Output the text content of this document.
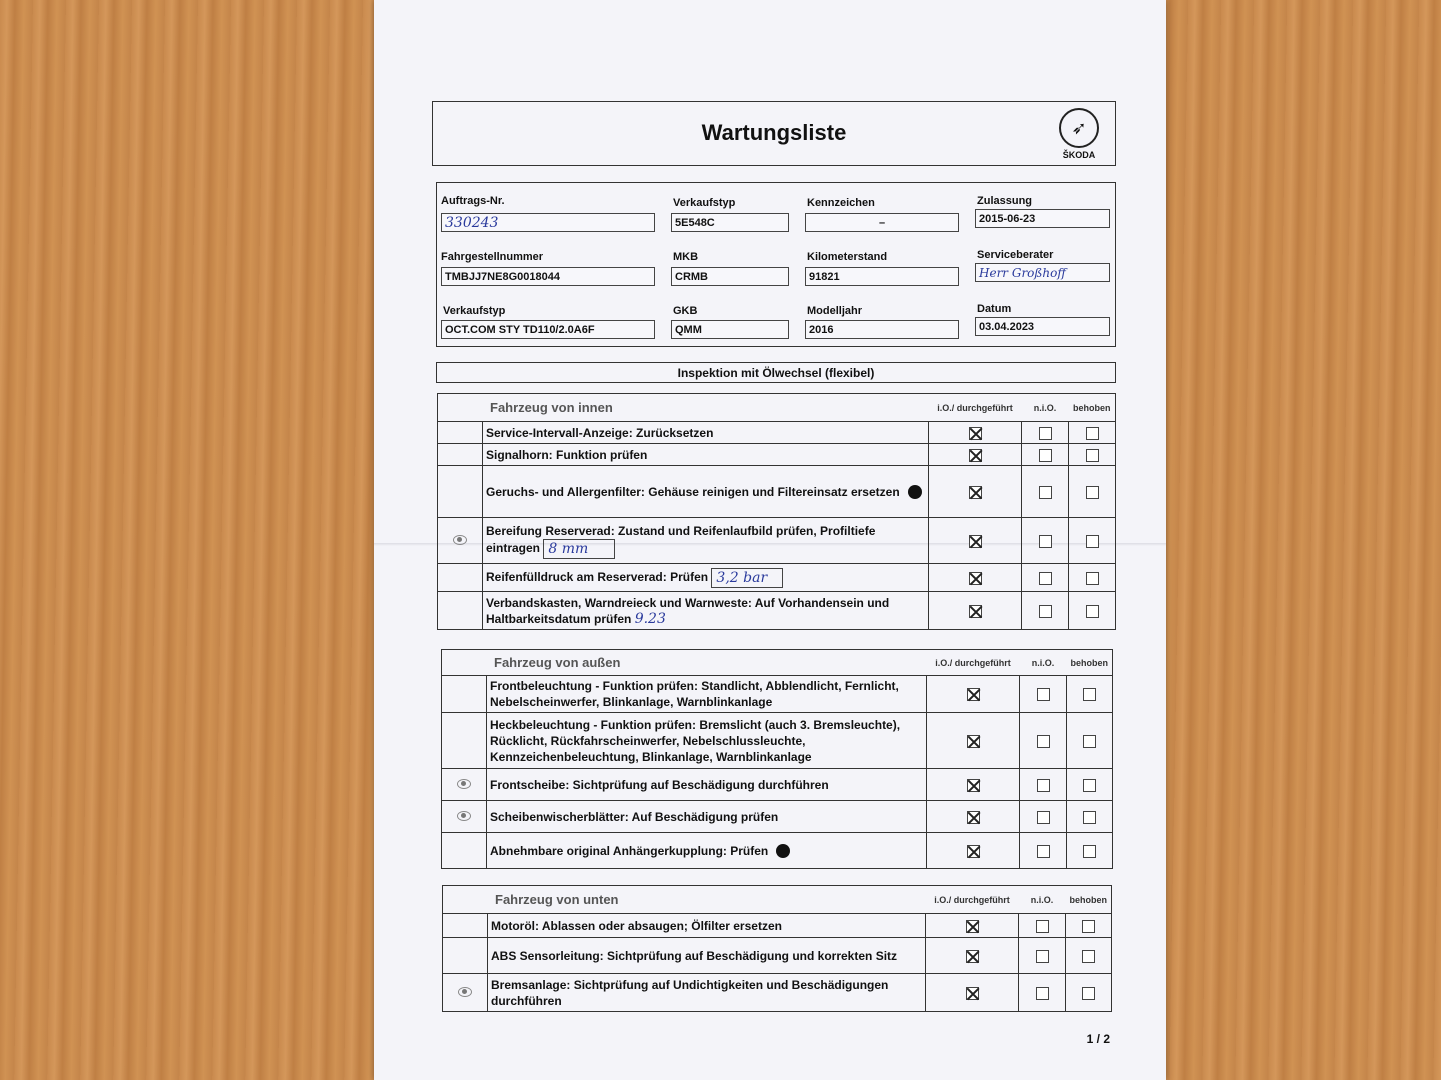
Wartungsliste	➶
ŠKODA
Auftrags-Nr.
330243
Verkaufstyp
5E548C
Kennzeichen
–
Zulassung
2015-06-23
Fahrgestellnummer
TMBJJ7NE8G0018044
MKB
CRMB
Kilometerstand
91821
Serviceberater
Herr Großhoff
Verkaufstyp
OCT.COM STY TD110/2.0A6F
GKB
QMM
Modelljahr
2016
Datum
03.04.2023
Inspektion mit Ölwechsel (flexibel)
Fahrzeug von innen		i.O./ durchgeführt	n.i.O.	behoben
	Service-Intervall-Anzeige: Zurücksetzen			
	Signalhorn: Funktion prüfen			
	Geruchs- und Allergenfilter: Gehäuse reinigen und Filtereinsatz ersetzen			
	Bereifung Reserverad: Zustand und Reifenlaufbild prüfen, Profiltiefe eintragen 8 mm			
	Reifenfülldruck am Reserverad: Prüfen 3,2 bar			
	Verbandskasten, Warndreieck und Warnweste: Auf Vorhandensein und Haltbarkeitsdatum prüfen 9.23			
Fahrzeug von außen		i.O./ durchgeführt	n.i.O.	behoben
	Frontbeleuchtung - Funktion prüfen: Standlicht, Abblendlicht, Fernlicht, Nebelscheinwerfer, Blinkanlage, Warnblinkanlage			
	Heckbeleuchtung - Funktion prüfen: Bremslicht (auch 3. Bremsleuchte), Rücklicht, Rückfahrscheinwerfer, Nebelschlussleuchte, Kennzeichenbeleuchtung, Blinkanlage, Warnblinkanlage			
	Frontscheibe: Sichtprüfung auf Beschädigung durchführen			
	Scheibenwischerblätter: Auf Beschädigung prüfen			
	Abnehmbare original Anhängerkupplung: Prüfen			
Fahrzeug von unten		i.O./ durchgeführt	n.i.O.	behoben
	Motoröl: Ablassen oder absaugen; Ölfilter ersetzen			
	ABS Sensorleitung: Sichtprüfung auf Beschädigung und korrekten Sitz			
	Bremsanlage: Sichtprüfung auf Undichtigkeiten und Beschädigungen durchführen			
1 / 2
